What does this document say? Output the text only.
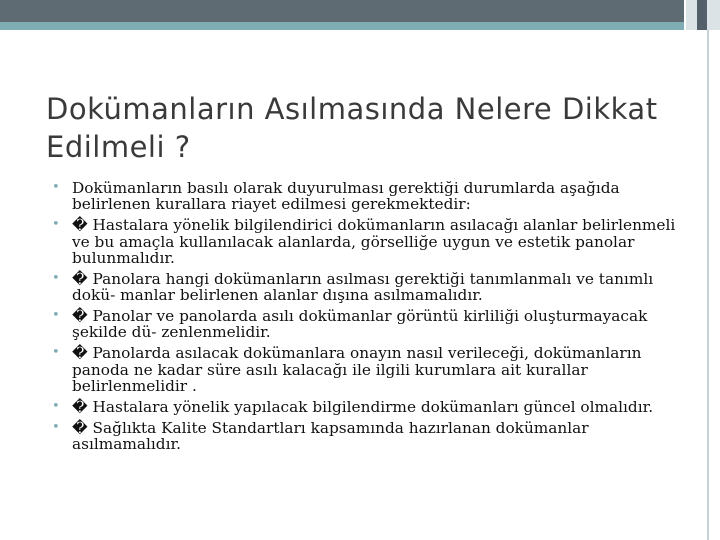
Dokümanların Asılmasında Nelere Dikkat Edilmeli ?
• Dokümanların basılı olarak duyurulması gerektiği durumlarda aşağıda belirlenen kurallara riayet edilmesi gerekmektedir:
• � Hastalara yönelik bilgilendirici dokümanların asılacağı alanlar belirlenmeli ve bu amaçla kullanılacak alanlarda, görselliğe uygun ve estetik panolar bulunmalıdır.
• � Panolara hangi dokümanların asılması gerektiği tanımlanmalı ve tanımlı dokü- manlar belirlenen alanlar dışına asılmamalıdır.
• � Panolar ve panolarda asılı dokümanlar görüntü kirliliği oluşturmayacak şekilde dü- zenlenmelidir.
• � Panolarda asılacak dokümanlara onayın nasıl verileceği, dokümanların panoda ne kadar süre asılı kalacağı ile ilgili kurumlara ait kurallar belirlenmelidir .
• � Hastalara yönelik yapılacak bilgilendirme dokümanları güncel olmalıdır.
• � Sağlıkta Kalite Standartları kapsamında hazırlanan dokümanlar asılmamalıdır.
